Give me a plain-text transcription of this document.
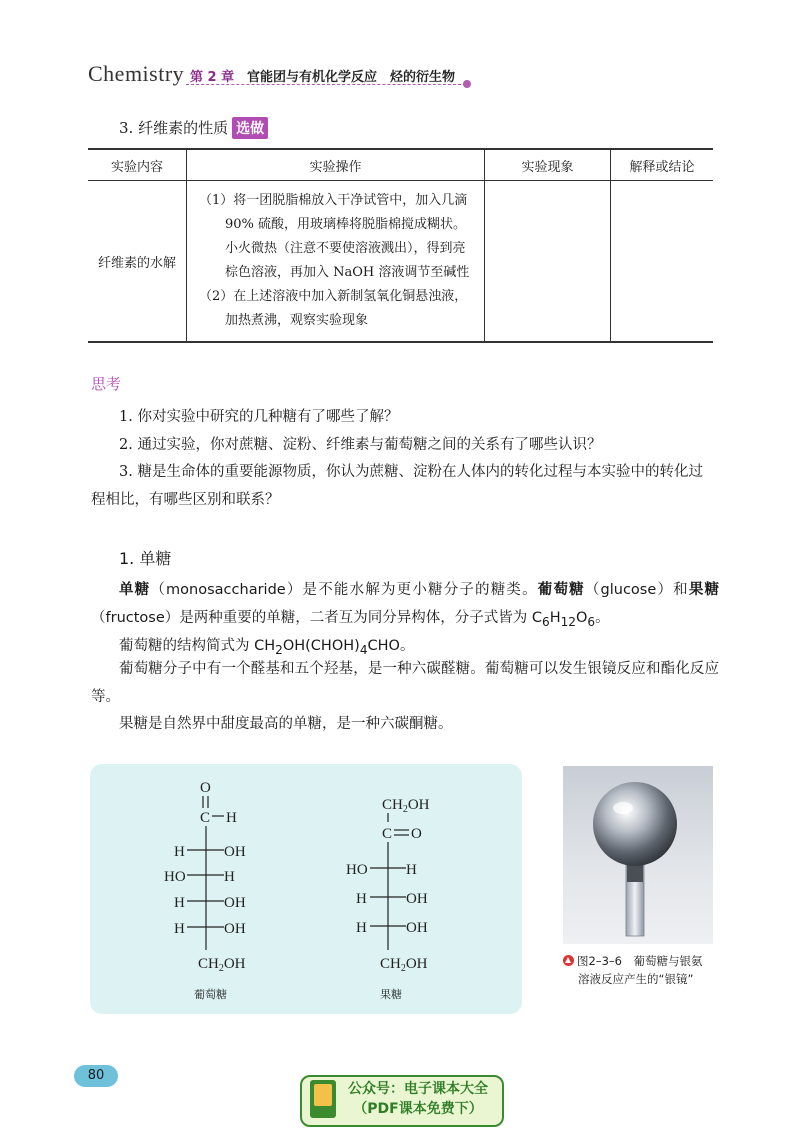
Chemistry 第 2 章 官能团与有机化学反应　烃的衍生物
3. 纤维素的性质 选做
实验内容	实验操作	实验现象	解释或结论
纤维素的水解	（1）将一团脱脂棉放入干净试管中，加入几滴 90% 硫酸，用玻璃棒将脱脂棉搅成糊状。小火微热（注意不要使溶液溅出），得到亮棕色溶液，再加入 NaOH 溶液调节至碱性
（2）在上述溶液中加入新制氢氧化铜悬浊液，加热煮沸，观察实验现象		

思考
1. 你对实验中研究的几种糖有了哪些了解？
2. 通过实验，你对蔗糖、淀粉、纤维素与葡萄糖之间的关系有了哪些认识？
3. 糖是生命体的重要能源物质，你认为蔗糖、淀粉在人体内的转化过程与本实验中的转化过程相比，有哪些区别和联系？
1. 单糖
单糖（monosaccharide）是不能水解为更小糖分子的糖类。葡萄糖（glucose）和果糖（fructose）是两种重要的单糖，二者互为同分异构体，分子式皆为 $C_6H_{12}O_6$。
葡萄糖的结构简式为 $CH_2OH(CHOH)_4CHO$。
葡萄糖分子中有一个醛基和五个羟基，是一种六碳醛糖。葡萄糖可以发生银镜反应和酯化反应等。
果糖是自然界中甜度最高的单糖，是一种六碳酮糖。
O
C H
H	OH
HO	H
H	OH
H	OH
$CH_2OH$
葡萄糖
$CH_2OH$
C O
HO	H
H	OH
H	OH
$CH_2OH$
果糖
图2–3–6　葡萄糖与银氨
溶液反应产生的“银镜”
80
公众号：电子课本大全
（PDF课本免费下）
